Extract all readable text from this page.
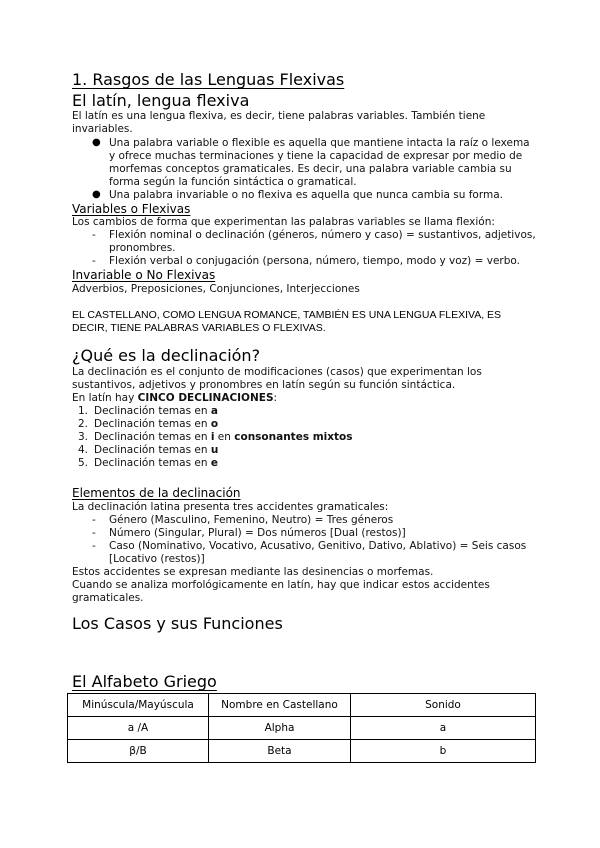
1. Rasgos de las Lenguas Flexivas
El latín, lengua flexiva
El latín es una lengua flexiva, es decir, tiene palabras variables. También tiene
invariables.
● Una palabra variable o flexible es aquella que mantiene intacta la raíz o lexema
y ofrece muchas terminaciones y tiene la capacidad de expresar por medio de
morfemas conceptos gramaticales. Es decir, una palabra variable cambia su
forma según la función sintáctica o gramatical.
● Una palabra invariable o no flexiva es aquella que nunca cambia su forma.
Variables o Flexivas
Los cambios de forma que experimentan las palabras variables se llama flexión:
- Flexión nominal o declinación (géneros, número y caso) = sustantivos, adjetivos,
pronombres.
- Flexión verbal o conjugación (persona, número, tiempo, modo y voz) = verbo.
Invariable o No Flexivas
Adverbios, Preposiciones, Conjunciones, Interjecciones
EL CASTELLANO, COMO LENGUA ROMANCE, TAMBIÉN ES UNA LENGUA FLEXIVA, ES
DECIR, TIENE PALABRAS VARIABLES O FLEXIVAS.
¿Qué es la declinación?
La declinación es el conjunto de modificaciones (casos) que experimentan los
sustantivos, adjetivos y pronombres en latín según su función sintáctica.
En latín hay CINCO DECLINACIONES:
1. Declinación temas en a
2. Declinación temas en o
3. Declinación temas en i en consonantes mixtos
4. Declinación temas en u
5. Declinación temas en e
Elementos de la declinación
La declinación latina presenta tres accidentes gramaticales:
- Género (Masculino, Femenino, Neutro) = Tres géneros
- Número (Singular, Plural) = Dos números [Dual (restos)]
- Caso (Nominativo, Vocativo, Acusativo, Genitivo, Dativo, Ablativo) = Seis casos
[Locativo (restos)]
Estos accidentes se expresan mediante las desinencias o morfemas.
Cuando se analiza morfológicamente en latín, hay que indicar estos accidentes
gramaticales.
Los Casos y sus Funciones
El Alfabeto Griego
Minúscula/Mayúscula	Nombre en Castellano	Sonido
a /A	Alpha	a
β/B	Beta	b
